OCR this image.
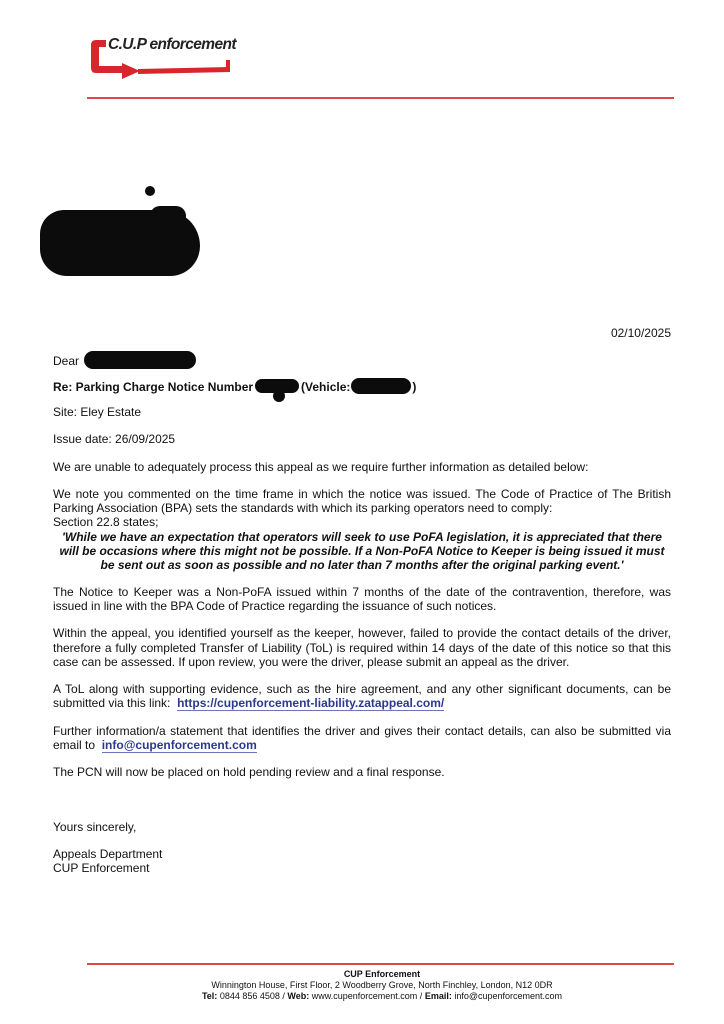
C.U.P enforcement
02/10/2025

Dear

Re: Parking Charge Notice Number	(Vehicle:	)

Site: Eley Estate

Issue date: 26/09/2025

We are unable to adequately process this appeal as we require further information as detailed below:

We note you commented on the time frame in which the notice was issued. The Code of Practice of The British Parking Association (BPA) sets the standards with which its parking operators need to comply:

Section 22.8 states;

'While we have an expectation that operators will seek to use PoFA legislation, it is appreciated that there will be occasions where this might not be possible. If a Non-PoFA Notice to Keeper is being issued it must be sent out as soon as possible and no later than 7 months after the original parking event.'

The Notice to Keeper was a Non-PoFA issued within 7 months of the date of the contravention, therefore, was issued in line with the BPA Code of Practice regarding the issuance of such notices.

Within the appeal, you identified yourself as the keeper, however, failed to provide the contact details of the driver, therefore a fully completed Transfer of Liability (ToL) is required within 14 days of the date of this notice so that this case can be assessed. If upon review, you were the driver, please submit an appeal as the driver.

A ToL along with supporting evidence, such as the hire agreement, and any other significant documents, can be submitted via this link: https://cupenforcement-liability.zatappeal.com/

Further information/a statement that identifies the driver and gives their contact details, can also be submitted via email to info@cupenforcement.com

The PCN will now be placed on hold pending review and a final response.

Yours sincerely,

Appeals Department

CUP Enforcement

CUP Enforcement
Winnington House, First Floor, 2 Woodberry Grove, North Finchley, London, N12 0DR
Tel: 0844 856 4508 / Web: www.cupenforcement.com / Email: info@cupenforcement.com
